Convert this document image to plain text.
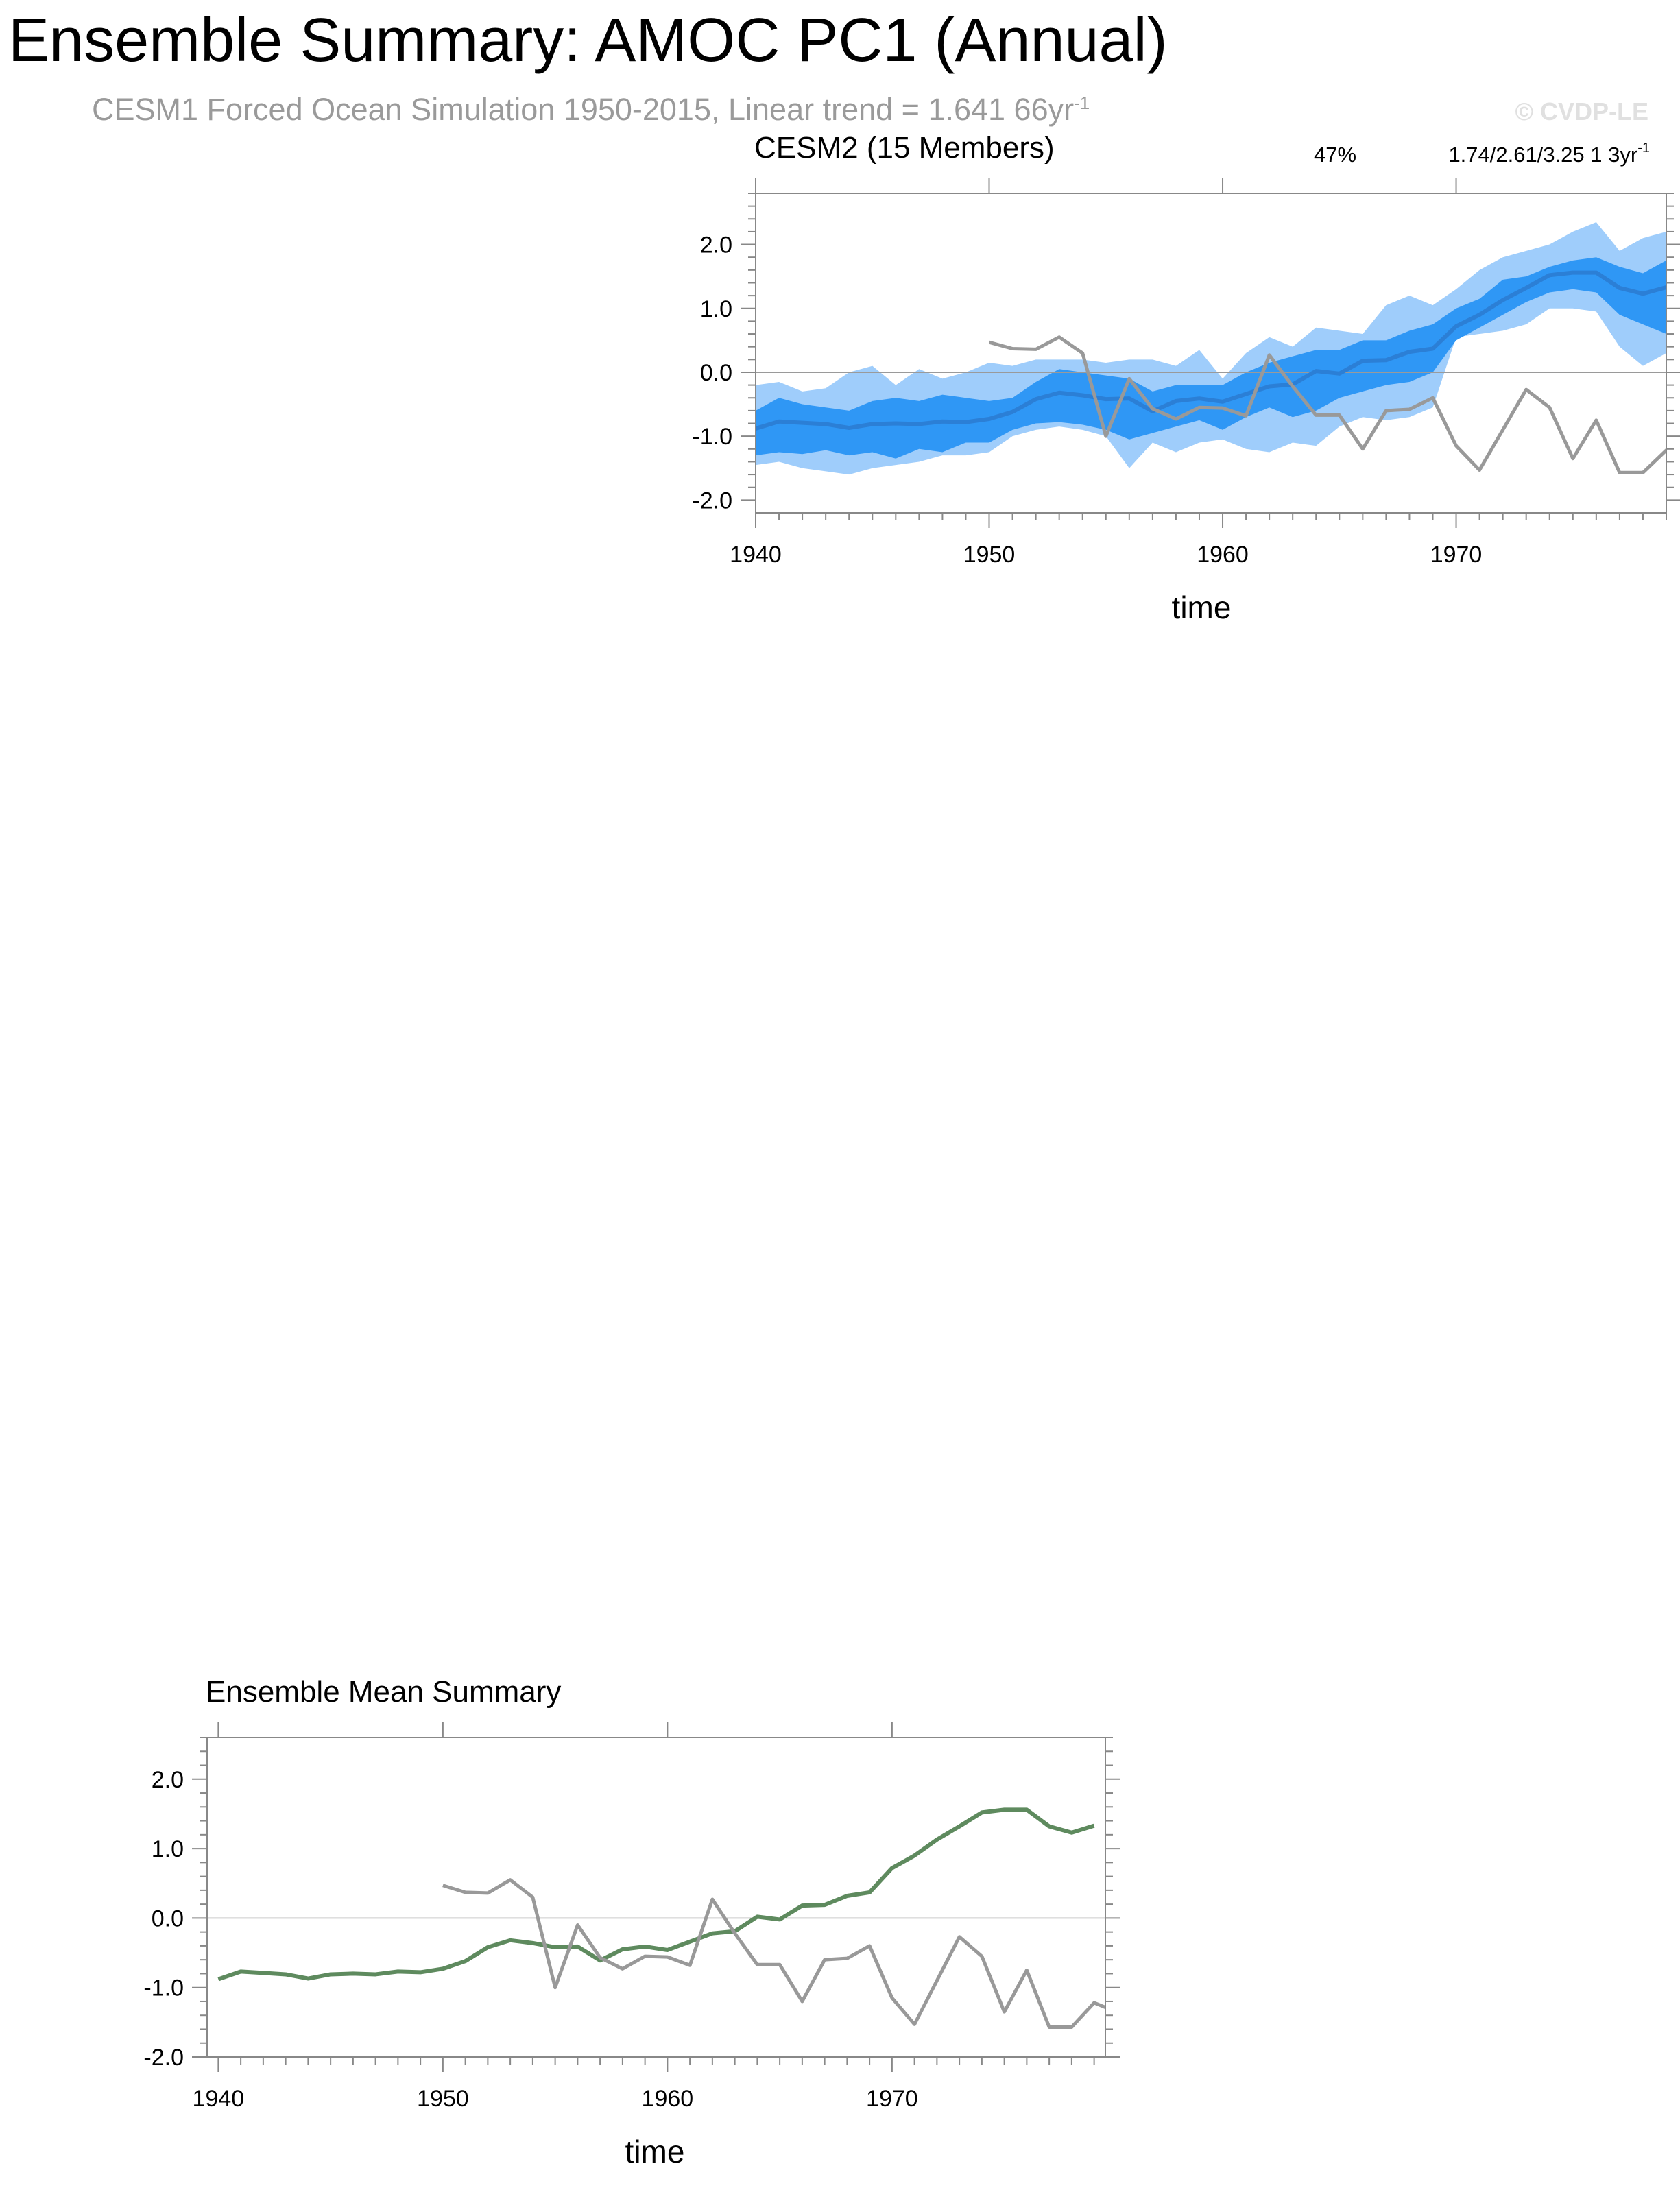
Ensemble Summary: AMOC PC1 (Annual)
CESM1 Forced Ocean Simulation 1950-2015, Linear trend = 1.641 $66yr^{-1}$	© CVDP-LE
CESM2 (15 Members)	47%	1.74/2.61/3.25 1 $3yr^{-1}$
1940	1950	1960	1970
2.0
1.0
0.0
-1.0
-2.0
time
Ensemble Mean Summary
1940	1950	1960	1970
2.0
1.0
0.0
-1.0
-2.0
time
